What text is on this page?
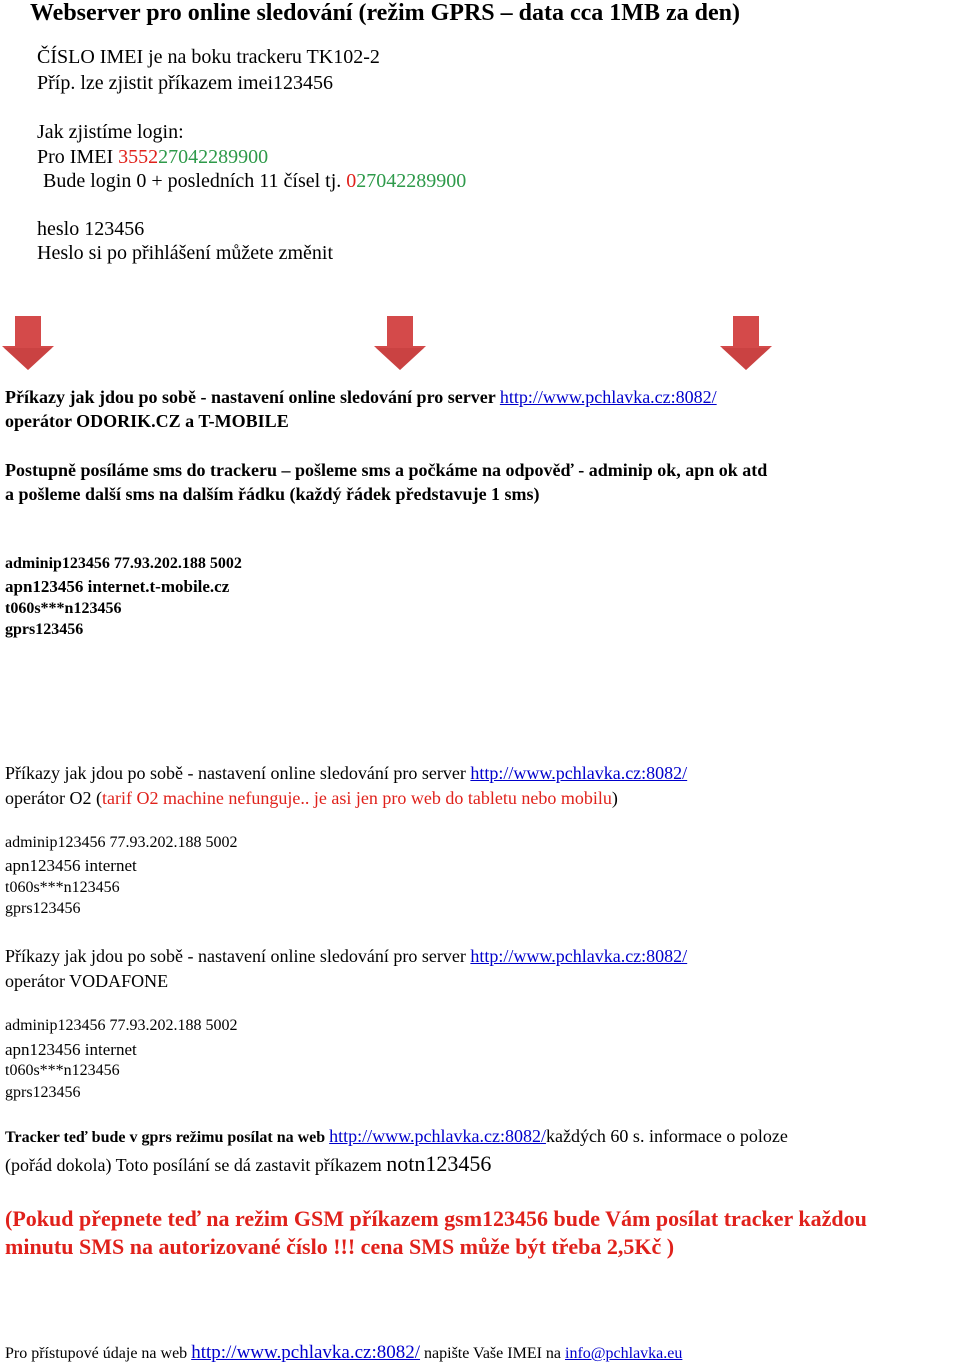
Webserver pro online sledování (režim GPRS – data cca 1MB za den)
ČÍSLO IMEI je na boku trackeru TK102-2
Příp. lze zjistit příkazem imei123456
Jak zjistíme login:
Pro IMEI 355227042289900
Bude login 0 + posledních 11 čísel tj. 027042289900
heslo 123456
Heslo si po přihlášení můžete změnit
Příkazy jak jdou po sobě - nastavení online sledování pro server http://www.pchlavka.cz:8082/
operátor ODORIK.CZ a T-MOBILE
Postupně posíláme sms do trackeru – pošleme sms a počkáme na odpověď - adminip ok, apn ok atd
a pošleme další sms na dalším řádku (každý řádek představuje 1 sms)
adminip123456 77.93.202.188 5002
apn123456 internet.t-mobile.cz
t060s***n123456
gprs123456
Příkazy jak jdou po sobě - nastavení online sledování pro server http://www.pchlavka.cz:8082/
operátor O2 (tarif O2 machine nefunguje.. je asi jen pro web do tabletu nebo mobilu)
adminip123456 77.93.202.188 5002
apn123456 internet
t060s***n123456
gprs123456
Příkazy jak jdou po sobě - nastavení online sledování pro server http://www.pchlavka.cz:8082/
operátor VODAFONE
adminip123456 77.93.202.188 5002
apn123456 internet
t060s***n123456
gprs123456
Tracker teď bude v gprs režimu posílat na web http://www.pchlavka.cz:8082/každých 60 s. informace o poloze
(pořád dokola) Toto posílání se dá zastavit příkazem notn123456
(Pokud přepnete teď na režim GSM příkazem gsm123456 bude Vám posílat tracker každou
minutu SMS na autorizované číslo !!! cena SMS může být třeba 2,5Kč )
Pro přístupové údaje na web http://www.pchlavka.cz:8082/ napište Vaše IMEI na info@pchlavka.eu
